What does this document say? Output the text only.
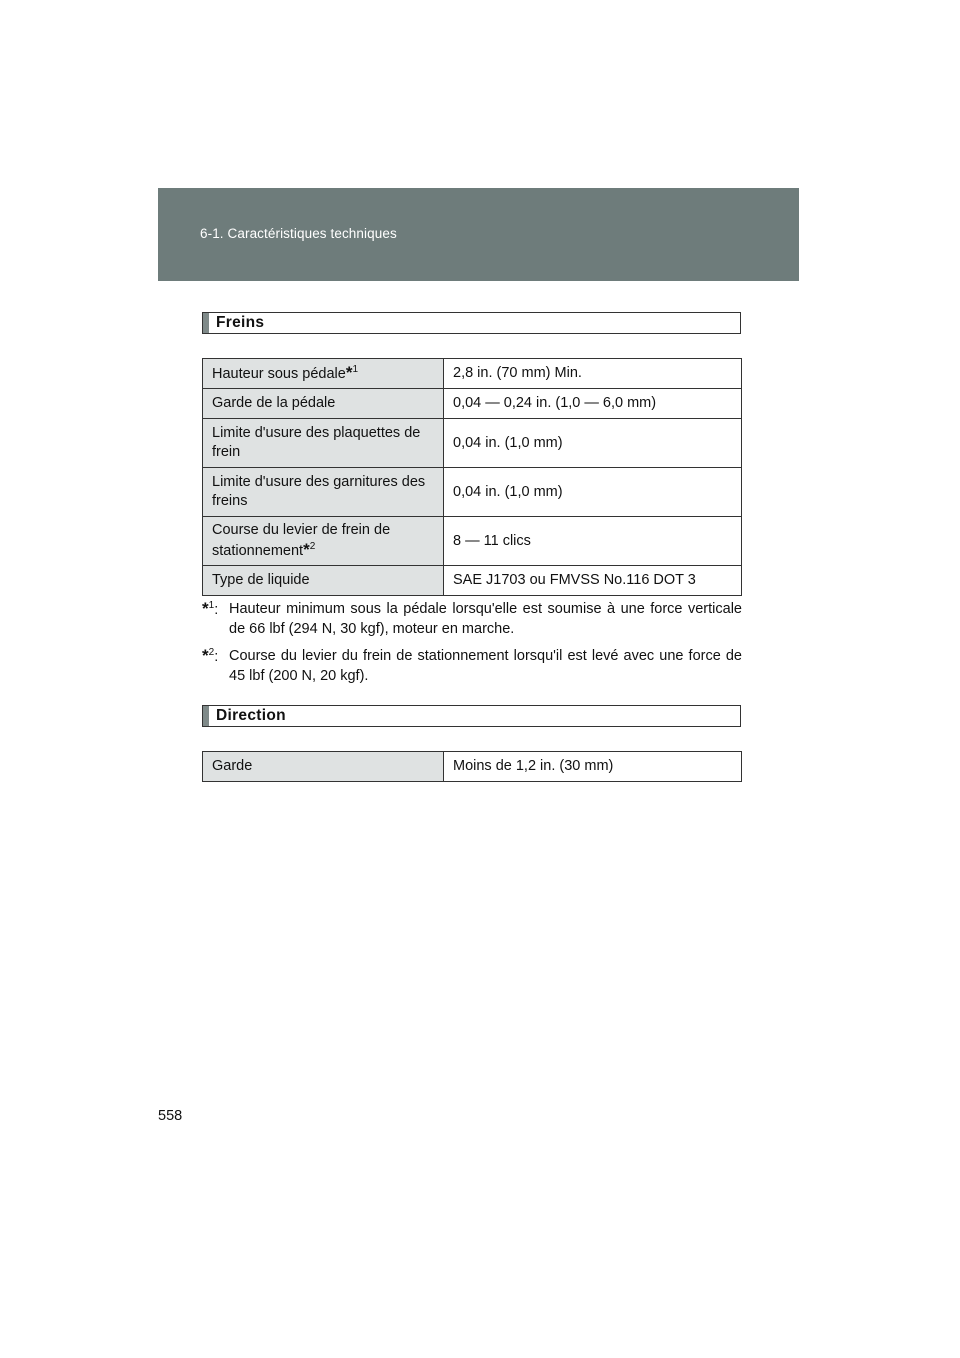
6-1. Caractéristiques techniques
Freins
Hauteur sous pédale*$^1$	2,8 in. (70 mm) Min.
Garde de la pédale	0,04 — 0,24 in. (1,0 — 6,0 mm)
Limite d'usure des plaquettes de frein	0,04 in. (1,0 mm)
Limite d'usure des garnitures des freins	0,04 in. (1,0 mm)
Course du levier de frein de stationnement*$^2$	8 — 11 clics
Type de liquide	SAE J1703 ou FMVSS No.116 DOT 3
*$^1$: Hauteur minimum sous la pédale lorsqu'elle est soumise à une force verticale de 66 lbf (294 N, 30 kgf), moteur en marche.
*$^2$: Course du levier du frein de stationnement lorsqu'il est levé avec une force de 45 lbf (200 N, 20 kgf).
Direction
Garde	Moins de 1,2 in. (30 mm)
558
